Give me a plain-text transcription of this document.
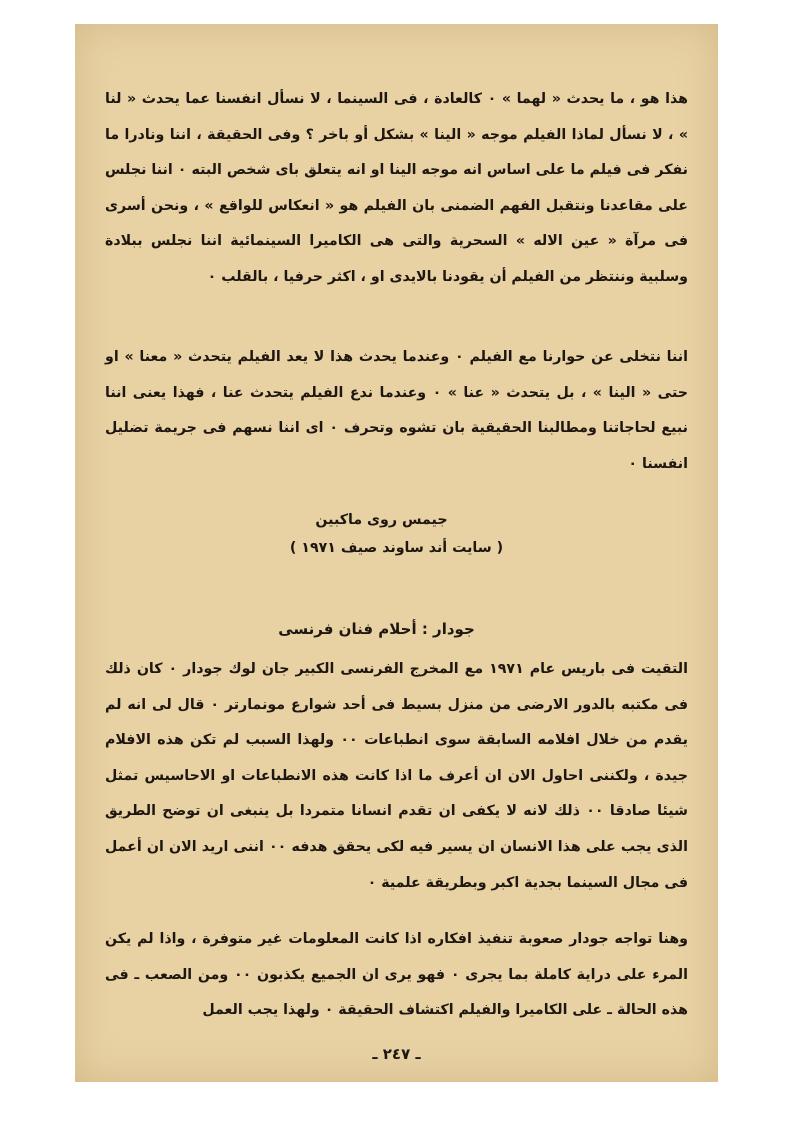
هذا هو ، ما يحدث « لهما » ٠ كالعادة ، فى السينما ، لا نسأل انفسنا عما يحدث « لنا » ، لا نسأل لماذا الفيلم موجه « الينا » بشكل أو باخر ؟ وفى الحقيقة ، اننا ونادرا ما نفكر فى فيلم ما على اساس انه موجه الينا او انه يتعلق باى شخص البته ٠ اننا نجلس على مقاعدنا ونتقبل الفهم الضمنى بان الفيلم هو « انعكاس للواقع » ، ونحن أسرى فى مرآة « عين الاله » السحرية والتى هى الكاميرا السينمائية اننا نجلس ببلادة وسلبية وننتظر من الفيلم أن يقودنا بالايدى او ، اكثر حرفيا ، بالقلب ٠
اننا نتخلى عن حوارنا مع الفيلم ٠ وعندما يحدث هذا لا يعد الفيلم يتحدث « معنا » او حتى « الينا » ، بل يتحدث « عنا » ٠ وعندما ندع الفيلم يتحدث عنا ، فهذا يعنى اننا نبيع لحاجاتنا ومطالبنا الحقيقية بان تشوه وتحرف ٠ اى اننا نسهم فى جريمة تضليل انفسنا ٠
جيمس روى ماكبين
( سايت أند ساوند صيف ١٩٧١ )
جودار : أحلام فنان فرنسى
التقيت فى باريس عام ١٩٧١ مع المخرج الفرنسى الكبير جان لوك جودار ٠ كان ذلك فى مكتبه بالدور الارضى من منزل بسيط فى أحد شوارع مونمارتر ٠ قال لى انه لم يقدم من خلال افلامه السابقة سوى انطباعات ٠٠ ولهذا السبب لم تكن هذه الافلام جيدة ، ولكننى احاول الان ان أعرف ما اذا كانت هذه الانطباعات او الاحاسيس تمثل شيئا صادقا ٠٠ ذلك لانه لا يكفى ان تقدم انسانا متمردا بل ينبغى ان توضح الطريق الذى يجب على هذا الانسان ان يسير فيه لكى يحقق هدفه ٠٠ اننى اريد الان ان أعمل فى مجال السينما بجدية اكبر وبطريقة علمية ٠
وهنا تواجه جودار صعوبة تنفيذ افكاره اذا كانت المعلومات غير متوفرة ، واذا لم يكن المرء على دراية كاملة بما يجرى ٠ فهو يرى ان الجميع يكذبون ٠٠ ومن الصعب ـ فى هذه الحالة ـ على الكاميرا والفيلم اكتشاف الحقيقة ٠ ولهذا يجب العمل
ـ ٢٤٧ ـ
